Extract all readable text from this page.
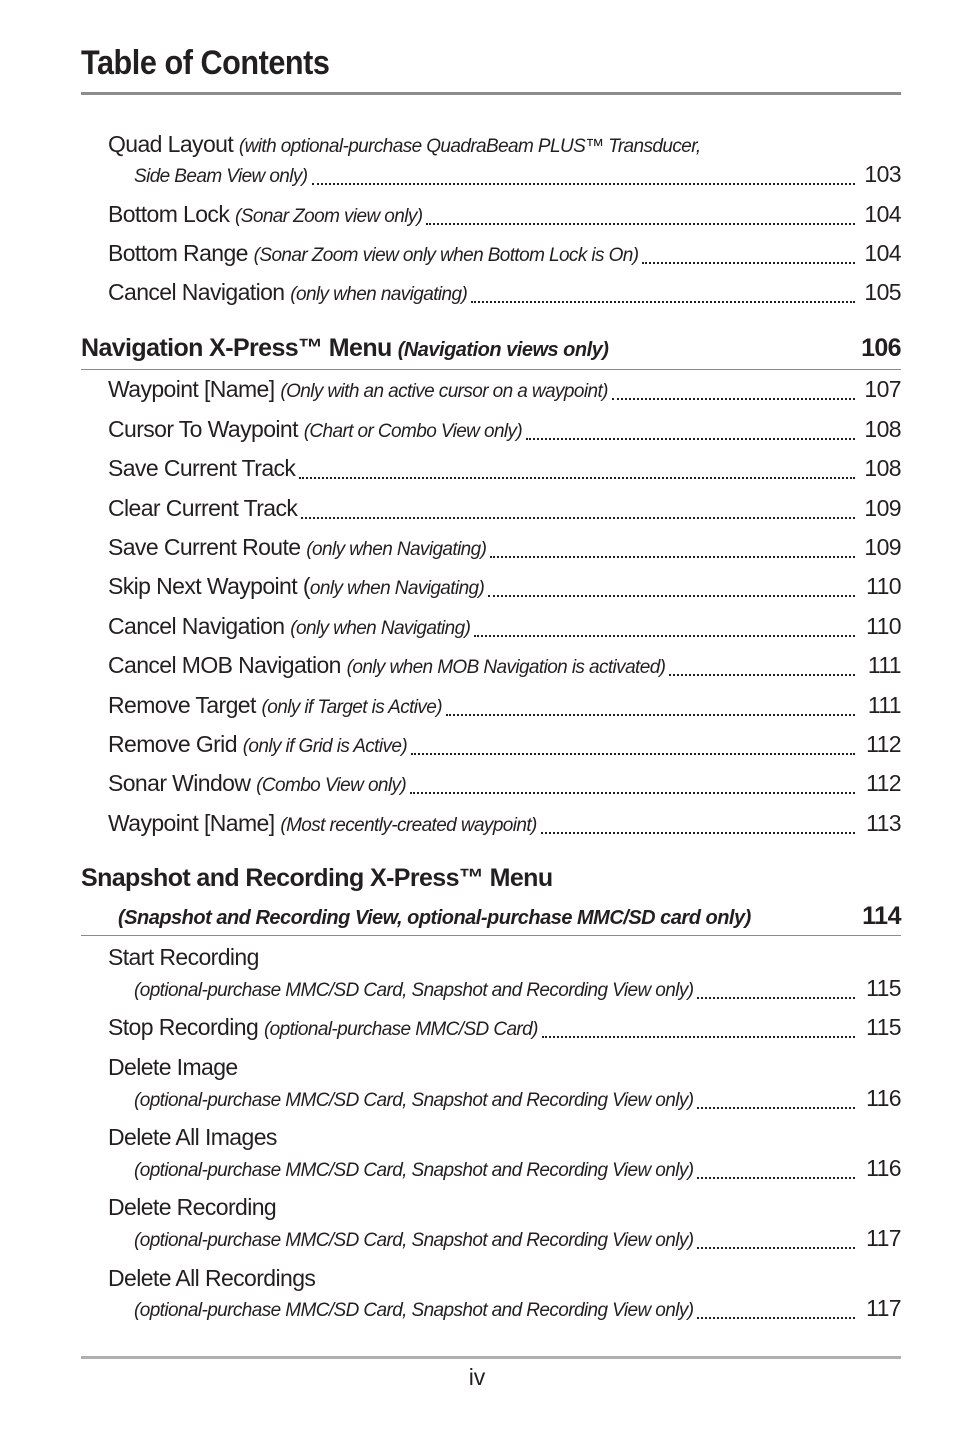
Table of Contents
Quad Layout (with optional-purchase QuadraBeam PLUS™ Transducer,
Side Beam View only)	103
Bottom Lock (Sonar Zoom view only)	104
Bottom Range (Sonar Zoom view only when Bottom Lock is On)	104
Cancel Navigation (only when navigating)	105
Navigation X-Press™ Menu (Navigation views only)	106
Waypoint [Name] (Only with an active cursor on a waypoint)	107
Cursor To Waypoint (Chart or Combo View only)	108
Save Current Track	108
Clear Current Track	109
Save Current Route (only when Navigating)	109
Skip Next Waypoint (only when Navigating)	110
Cancel Navigation (only when Navigating)	110
Cancel MOB Navigation (only when MOB Navigation is activated)	111
Remove Target (only if Target is Active)	111
Remove Grid (only if Grid is Active)	112
Sonar Window (Combo View only)	112
Waypoint [Name] (Most recently-created waypoint)	113
Snapshot and Recording X-Press™ Menu
(Snapshot and Recording View, optional-purchase MMC/SD card only)	114
Start Recording
(optional-purchase MMC/SD Card, Snapshot and Recording View only)	115
Stop Recording (optional-purchase MMC/SD Card)	115
Delete Image
(optional-purchase MMC/SD Card, Snapshot and Recording View only)	116
Delete All Images
(optional-purchase MMC/SD Card, Snapshot and Recording View only)	116
Delete Recording
(optional-purchase MMC/SD Card, Snapshot and Recording View only)	117
Delete All Recordings
(optional-purchase MMC/SD Card, Snapshot and Recording View only)	117
iv
